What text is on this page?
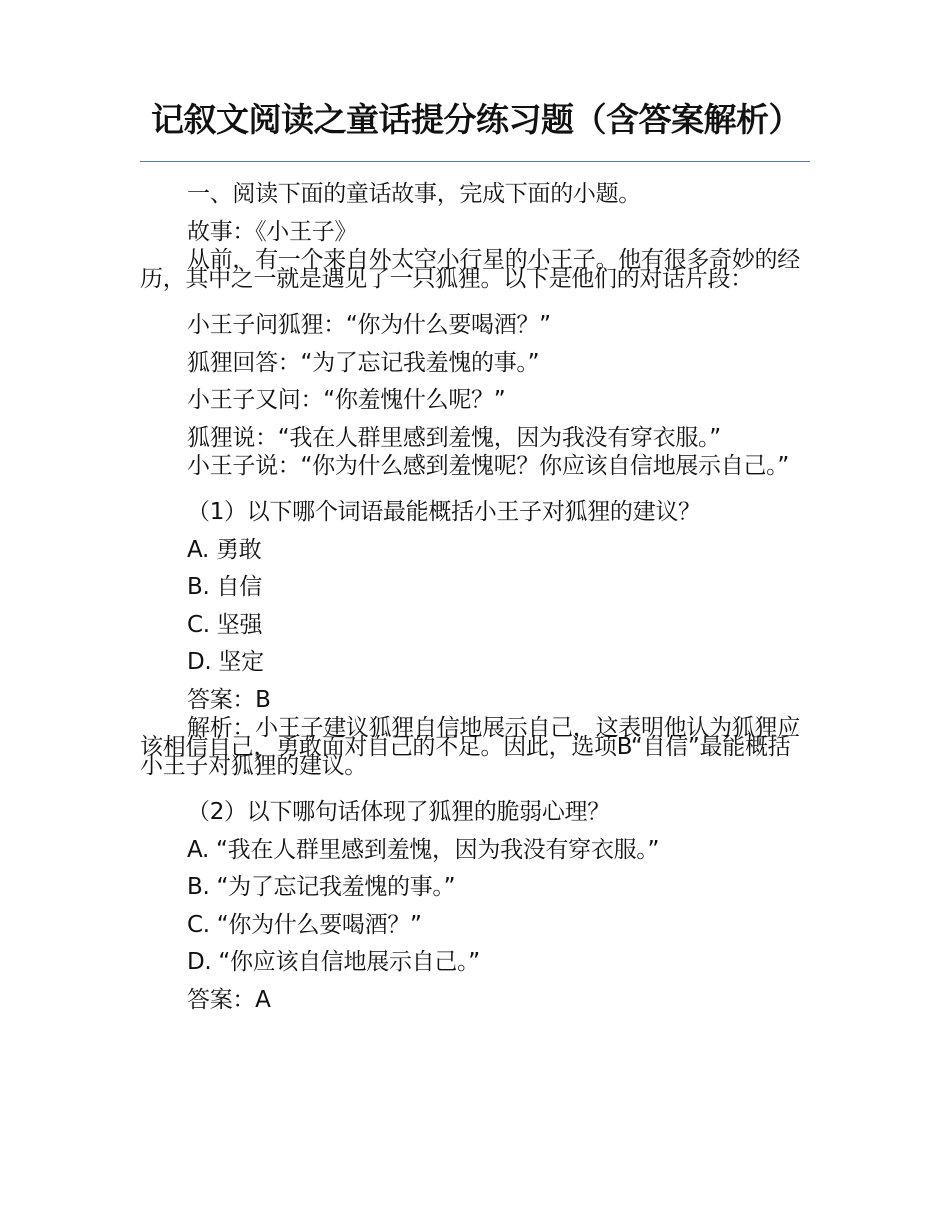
记叙文阅读之童话提分练习题（含答案解析）

一、阅读下面的童话故事，完成下面的小题。

故事：《小王子》

从前，有一个来自外太空小行星的小王子。他有很多奇妙的经历，其中之一就是遇见了一只狐狸。以下是他们的对话片段：

小王子问狐狸：“你为什么要喝酒？”

狐狸回答：“为了忘记我羞愧的事。”

小王子又问：“你羞愧什么呢？”

狐狸说：“我在人群里感到羞愧，因为我没有穿衣服。”

小王子说：“你为什么感到羞愧呢？你应该自信地展示自己。”

（1）以下哪个词语最能概括小王子对狐狸的建议？

A. 勇敢

B. 自信

C. 坚强

D. 坚定

答案：B

解析：小王子建议狐狸自信地展示自己，这表明他认为狐狸应该相信自己，勇敢面对自己的不足。因此，选项B“自信”最能概括小王子对狐狸的建议。

（2）以下哪句话体现了狐狸的脆弱心理？

A. “我在人群里感到羞愧，因为我没有穿衣服。”

B. “为了忘记我羞愧的事。”

C. “你为什么要喝酒？”

D. “你应该自信地展示自己。”

答案：A
